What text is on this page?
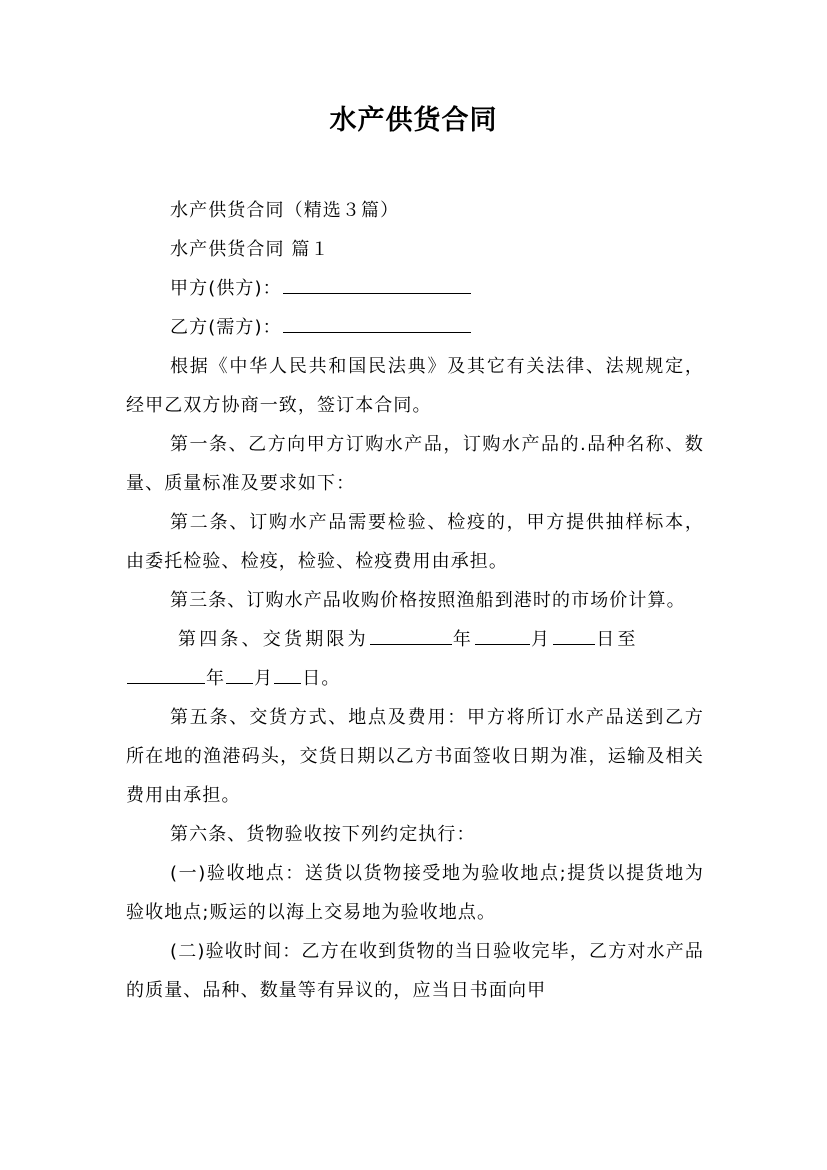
水产供货合同

水产供货合同（精选３篇）

水产供货合同 篇１

甲方(供方)：

乙方(需方)：

根据《中华人民共和国民法典》及其它有关法律、法规规定，经甲乙双方协商一致，签订本合同。

第一条、乙方向甲方订购水产品，订购水产品的.品种名称、数量、质量标准及要求如下：

第二条、订购水产品需要检验、检疫的，甲方提供抽样标本，由委托检验、检疫，检验、检疫费用由承担。

第三条、订购水产品收购价格按照渔船到港时的市场价计算。

第四条、交货期限为	年	月 日至
年 月 日。

第五条、交货方式、地点及费用：甲方将所订水产品送到乙方所在地的渔港码头，交货日期以乙方书面签收日期为准，运输及相关费用由承担。

第六条、货物验收按下列约定执行：

(一)验收地点：送货以货物接受地为验收地点;提货以提货地为验收地点;贩运的以海上交易地为验收地点。

(二)验收时间：乙方在收到货物的当日验收完毕，乙方对水产品的质量、品种、数量等有异议的，应当日书面向甲
